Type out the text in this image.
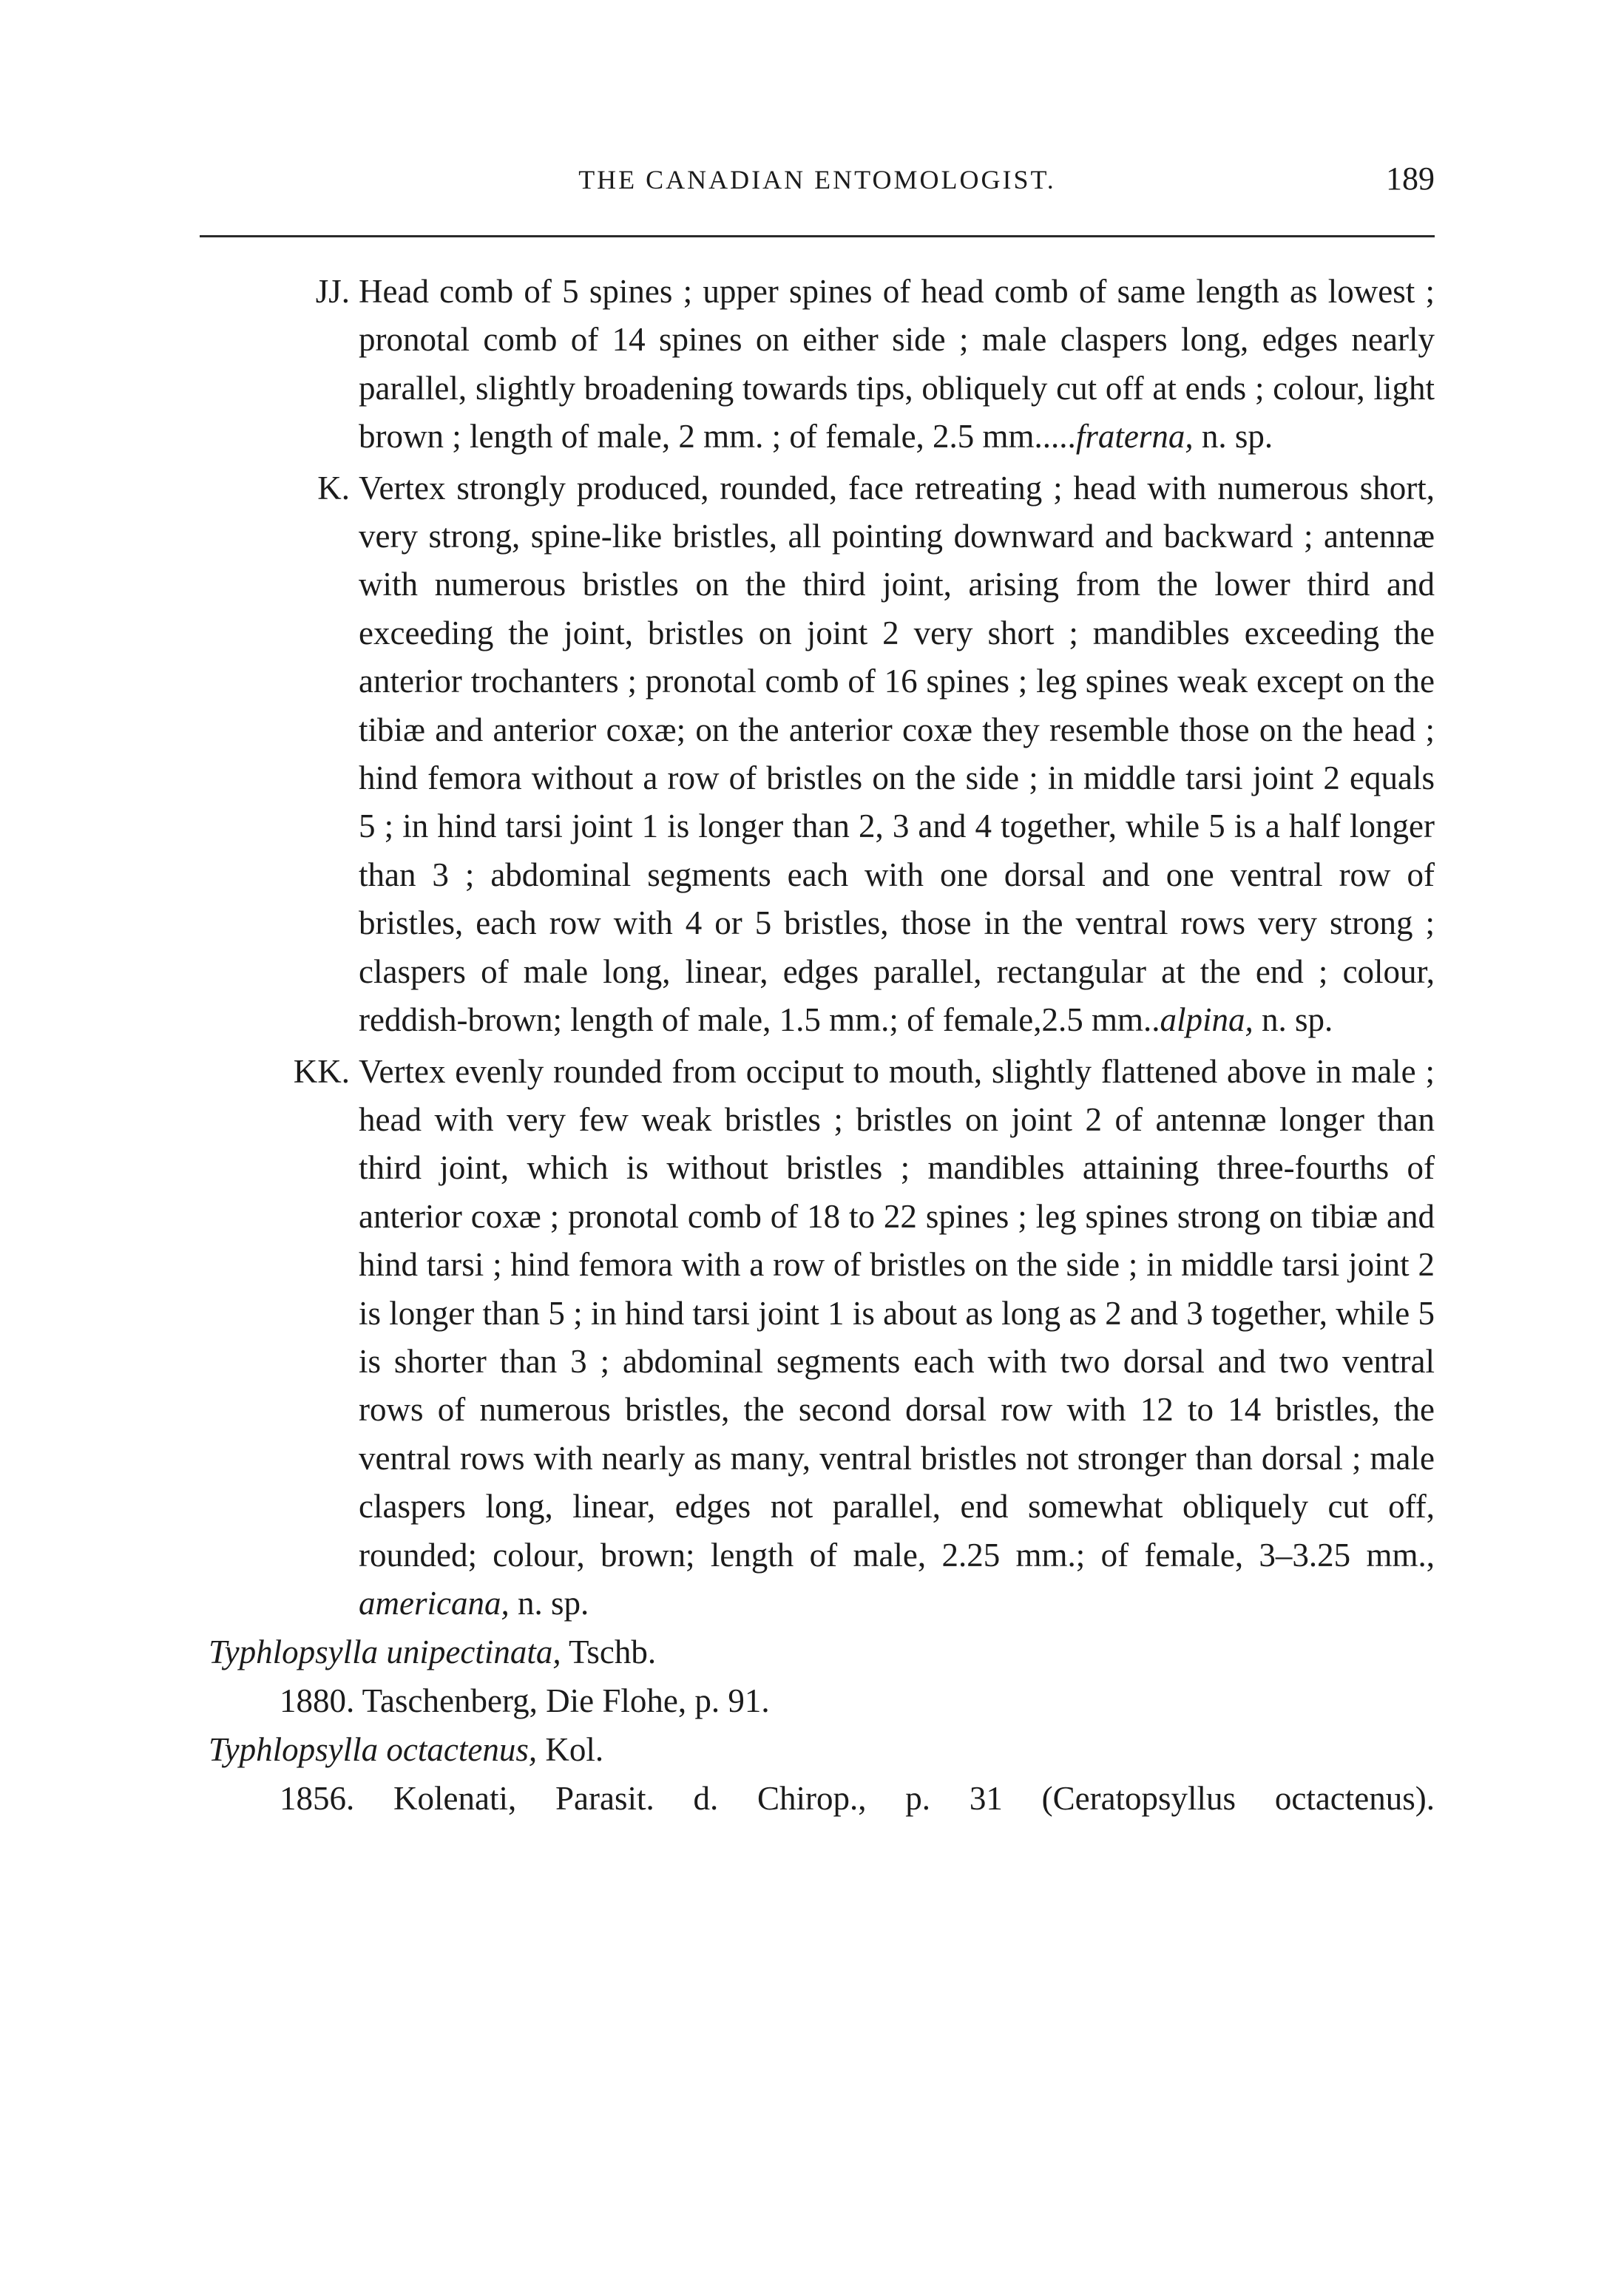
THE CANADIAN ENTOMOLOGIST.	189
JJ. Head comb of 5 spines ; upper spines of head comb of same length as lowest ; pronotal comb of 14 spines on either side ; male claspers long, edges nearly parallel, slightly broadening towards tips, obliquely cut off at ends ; colour, light brown ; length of male, 2 mm. ; of female, 2.5 mm.....fraterna, n. sp.
K. Vertex strongly produced, rounded, face retreating ; head with numerous short, very strong, spine-like bristles, all pointing downward and backward ; antennæ with numerous bristles on the third joint, arising from the lower third and exceeding the joint, bristles on joint 2 very short ; mandibles exceeding the anterior trochanters ; pronotal comb of 16 spines ; leg spines weak except on the tibiæ and anterior coxæ; on the anterior coxæ they resemble those on the head ; hind femora without a row of bristles on the side ; in middle tarsi joint 2 equals 5 ; in hind tarsi joint 1 is longer than 2, 3 and 4 together, while 5 is a half longer than 3 ; abdominal segments each with one dorsal and one ventral row of bristles, each row with 4 or 5 bristles, those in the ventral rows very strong ; claspers of male long, linear, edges parallel, rectangular at the end ; colour, reddish-brown; length of male, 1.5 mm.; of female,2.5 mm..alpina, n. sp.
KK. Vertex evenly rounded from occiput to mouth, slightly flattened above in male ; head with very few weak bristles ; bristles on joint 2 of antennæ longer than third joint, which is without bristles ; mandibles attaining three-fourths of anterior coxæ ; pronotal comb of 18 to 22 spines ; leg spines strong on tibiæ and hind tarsi ; hind femora with a row of bristles on the side ; in middle tarsi joint 2 is longer than 5 ; in hind tarsi joint 1 is about as long as 2 and 3 together, while 5 is shorter than 3 ; abdominal segments each with two dorsal and two ventral rows of numerous bristles, the second dorsal row with 12 to 14 bristles, the ventral rows with nearly as many, ventral bristles not stronger than dorsal ; male claspers long, linear, edges not parallel, end somewhat obliquely cut off, rounded; colour, brown; length of male, 2.25 mm.; of female, 3–3.25 mm., americana, n. sp.
Typhlopsylla unipectinata, Tschb.
1880. Taschenberg, Die Flohe, p. 91.
Typhlopsylla octactenus, Kol.
1856. Kolenati, Parasit. d. Chirop., p. 31 (Ceratopsyllus octactenus).
